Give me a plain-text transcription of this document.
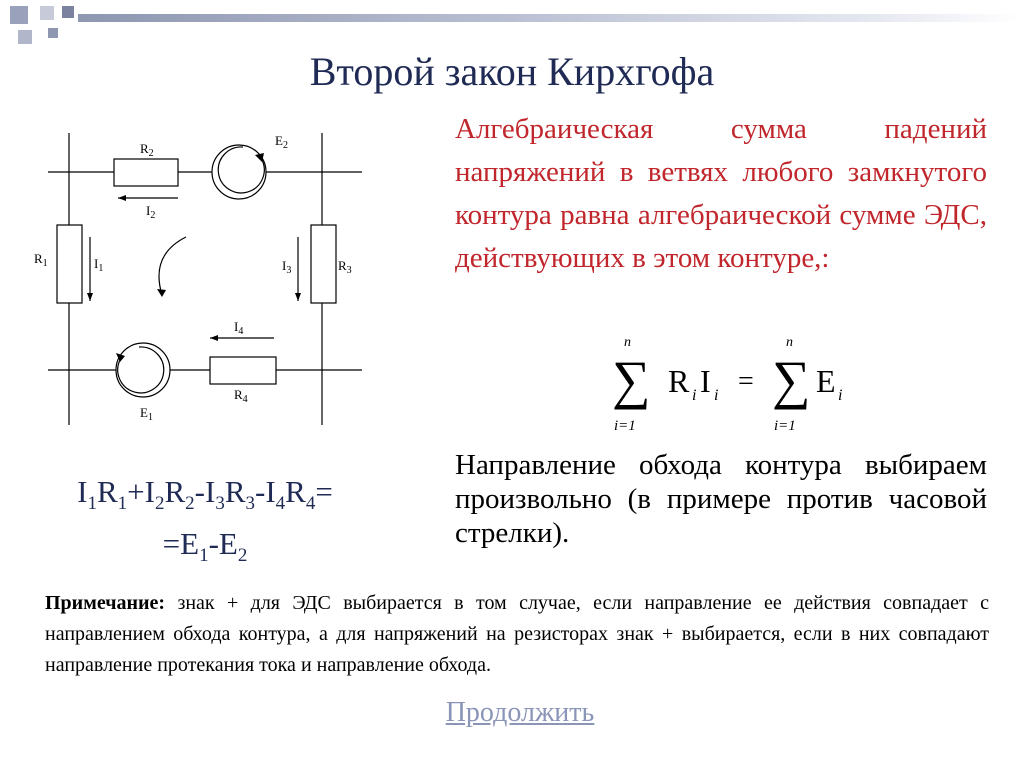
Второй закон Кирхгофа
$R_2$
$E_2$
$I_2$
$R_1$	$I_1$	$I_3$	$R_3$
$I_4$
$R_4$
$E_1$
Алгебраическая сумма падений напряжений в ветвях любого замкнутого контура равна алгебраической сумме ЭДС, действующих в этом контуре,:
n
∑
i=1
R i I i =
n
∑
i=1
E i
Направление обхода контура выбираем произвольно (в примере против часовой стрелки).
$I_1R_1+I_2R_2-I_3R_3-I_4R_4=$
$=E_1-E_2$
Примечание: знак + для ЭДС выбирается в том случае, если направление ее действия совпадает с направлением обхода контура, а для напряжений на резисторах знак + выбирается, если в них совпадают направление протекания тока и направление обхода.
Продолжить
